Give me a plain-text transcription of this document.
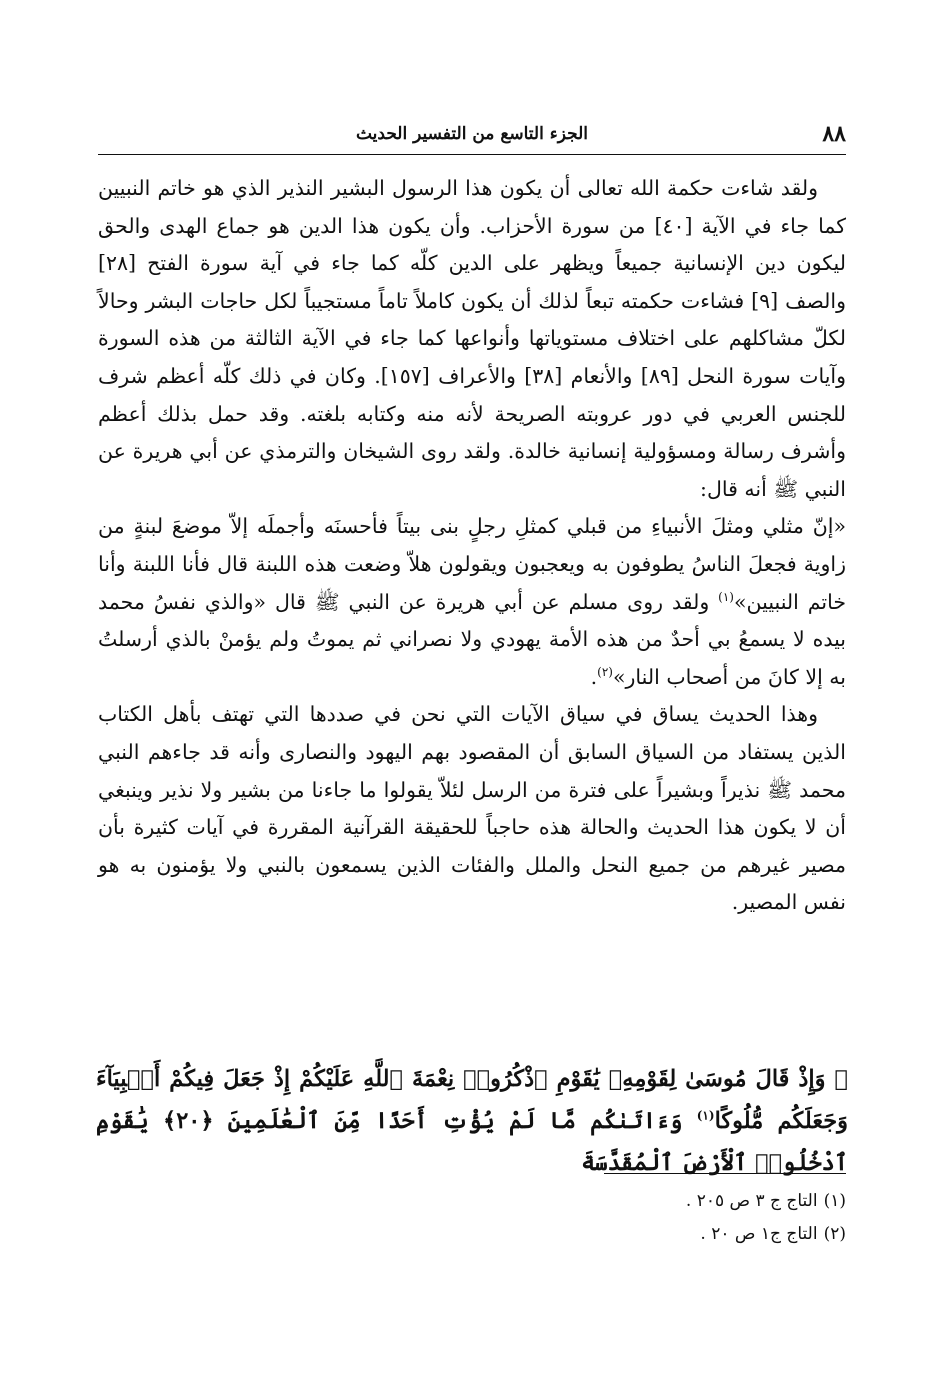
٨٨
الجزء التاسع من التفسير الحديث

ولقد شاءت حكمة الله تعالى أن يكون هذا الرسول البشير النذير الذي هو خاتم النبيين كما جاء في الآية [٤٠] من سورة الأحزاب. وأن يكون هذا الدين هو جماع الهدى والحق ليكون دين الإنسانية جميعاً ويظهر على الدين كلّه كما جاء في آية سورة الفتح [٢٨] والصف [٩] فشاءت حكمته تبعاً لذلك أن يكون كاملاً تاماً مستجيباً لكل حاجات البشر وحالاً لكلّ مشاكلهم على اختلاف مستوياتها وأنواعها كما جاء في الآية الثالثة من هذه السورة وآيات سورة النحل [٨٩] والأنعام [٣٨] والأعراف [١٥٧]. وكان في ذلك كلّه أعظم شرف للجنس العربي في دور عروبته الصريحة لأنه منه وكتابه بلغته. وقد حمل بذلك أعظم وأشرف رسالة ومسؤولية إنسانية خالدة. ولقد روى الشيخان والترمذي عن أبي هريرة عن النبي ﷺ أنه قال:

«إنّ مثلي ومثلَ الأنبياءِ من قبلي كمثلِ رجلٍ بنى بيتاً فأحسنَه وأجملَه إلاّ موضعَ لبنةٍ من زاوية فجعلَ الناسُ يطوفون به ويعجبون ويقولون هلاّ وضعت هذه اللبنة قال فأنا اللبنة وأنا خاتم النبيين»$^{(١)}$ ولقد روى مسلم عن أبي هريرة عن النبي ﷺ قال «والذي نفسُ محمد بيده لا يسمعُ بي أحدٌ من هذه الأمة يهودي ولا نصراني ثم يموتُ ولم يؤمنْ بالذي أرسلتُ به إلا كانَ من أصحاب النار»$^{(٢)}$.

وهذا الحديث يساق في سياق الآيات التي نحن في صددها التي تهتف بأهل الكتاب الذين يستفاد من السياق السابق أن المقصود بهم اليهود والنصارى وأنه قد جاءهم النبي محمد ﷺ نذيراً وبشيراً على فترة من الرسل لئلاّ يقولوا ما جاءنا من بشير ولا نذير وينبغي أن لا يكون هذا الحديث والحالة هذه حاجباً للحقيقة القرآنية المقررة في آيات كثيرة بأن مصير غيرهم من جميع النحل والملل والفئات الذين يسمعون بالنبي ولا يؤمنون به هو نفس المصير.

﴿ وَإِذْ قَالَ مُوسَىٰ لِقَوْمِهِۦ يَٰقَوْمِ ٱذْكُرُوا۟ نِعْمَةَ ٱللَّهِ عَلَيْكُمْ إِذْ جَعَلَ فِيكُمْ أَنۢبِيَآءَ وَجَعَلَكُم مُّلُوكًا$^{(١)}$ وَءَاتَىٰكُم مَّا لَمْ يُؤْتِ أَحَدًا مِّنَ ٱلْعَٰلَمِينَ ﴿٢٠﴾ يَٰقَوْمِ ٱدْخُلُوا۟ ٱلْأَرْضَ ٱلْمُقَدَّسَةَ
(١)التاج ج ٣ ص ٢٠٥ .
(٢)التاج ج١ ص ٢٠ .
